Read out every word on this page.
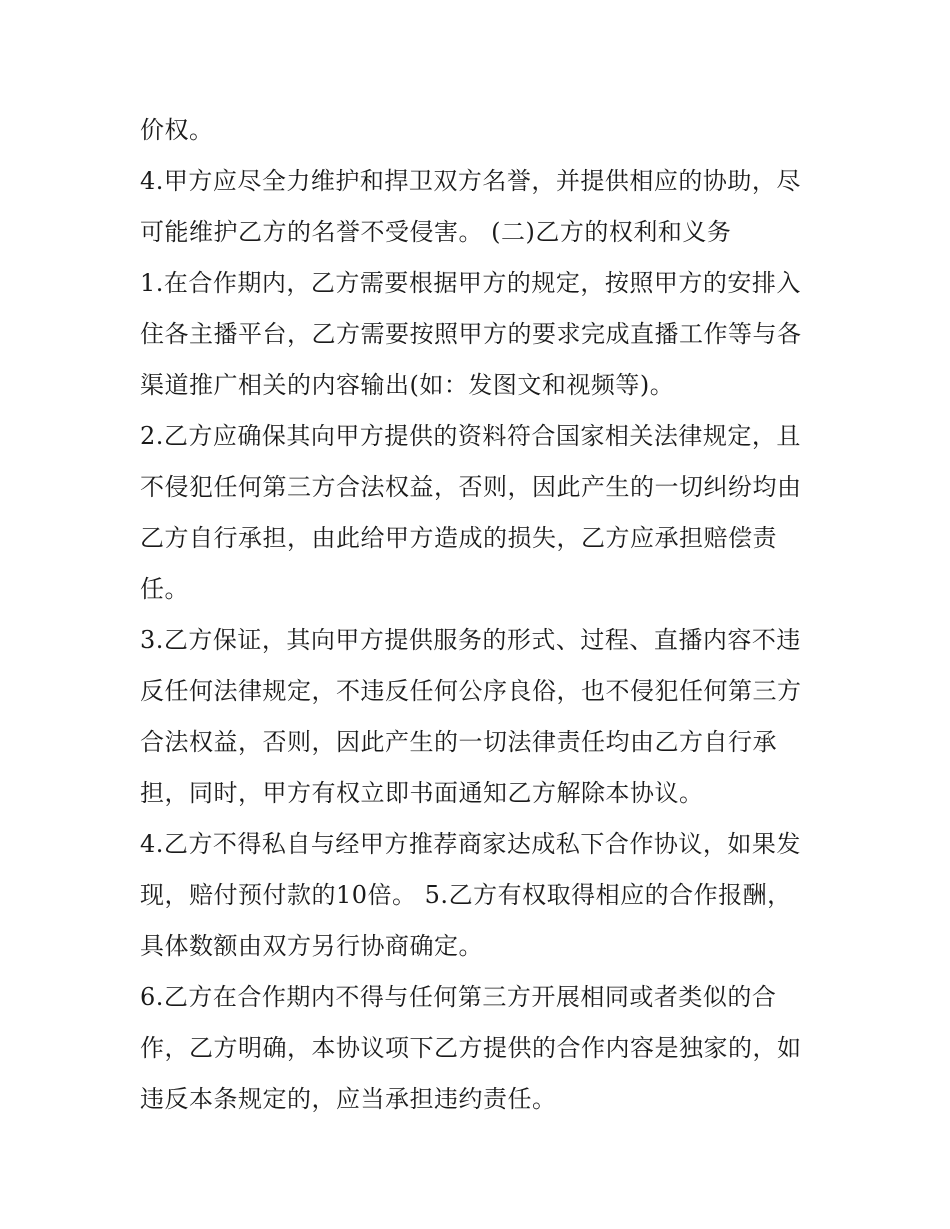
价权。
4.甲方应尽全力维护和捍卫双方名誉，并提供相应的协助，尽
可能维护乙方的名誉不受侵害。 (二)乙方的权利和义务
1.在合作期内，乙方需要根据甲方的规定，按照甲方的安排入
住各主播平台，乙方需要按照甲方的要求完成直播工作等与各
渠道推广相关的内容输出(如：发图文和视频等)。
2.乙方应确保其向甲方提供的资料符合国家相关法律规定，且
不侵犯任何第三方合法权益，否则，因此产生的一切纠纷均由
乙方自行承担，由此给甲方造成的损失，乙方应承担赔偿责
任。
3.乙方保证，其向甲方提供服务的形式、过程、直播内容不违
反任何法律规定，不违反任何公序良俗，也不侵犯任何第三方
合法权益，否则，因此产生的一切法律责任均由乙方自行承
担，同时，甲方有权立即书面通知乙方解除本协议。
4.乙方不得私自与经甲方推荐商家达成私下合作协议，如果发
现，赔付预付款的10倍。 5.乙方有权取得相应的合作报酬，
具体数额由双方另行协商确定。
6.乙方在合作期内不得与任何第三方开展相同或者类似的合
作，乙方明确，本协议项下乙方提供的合作内容是独家的，如
违反本条规定的，应当承担违约责任。
